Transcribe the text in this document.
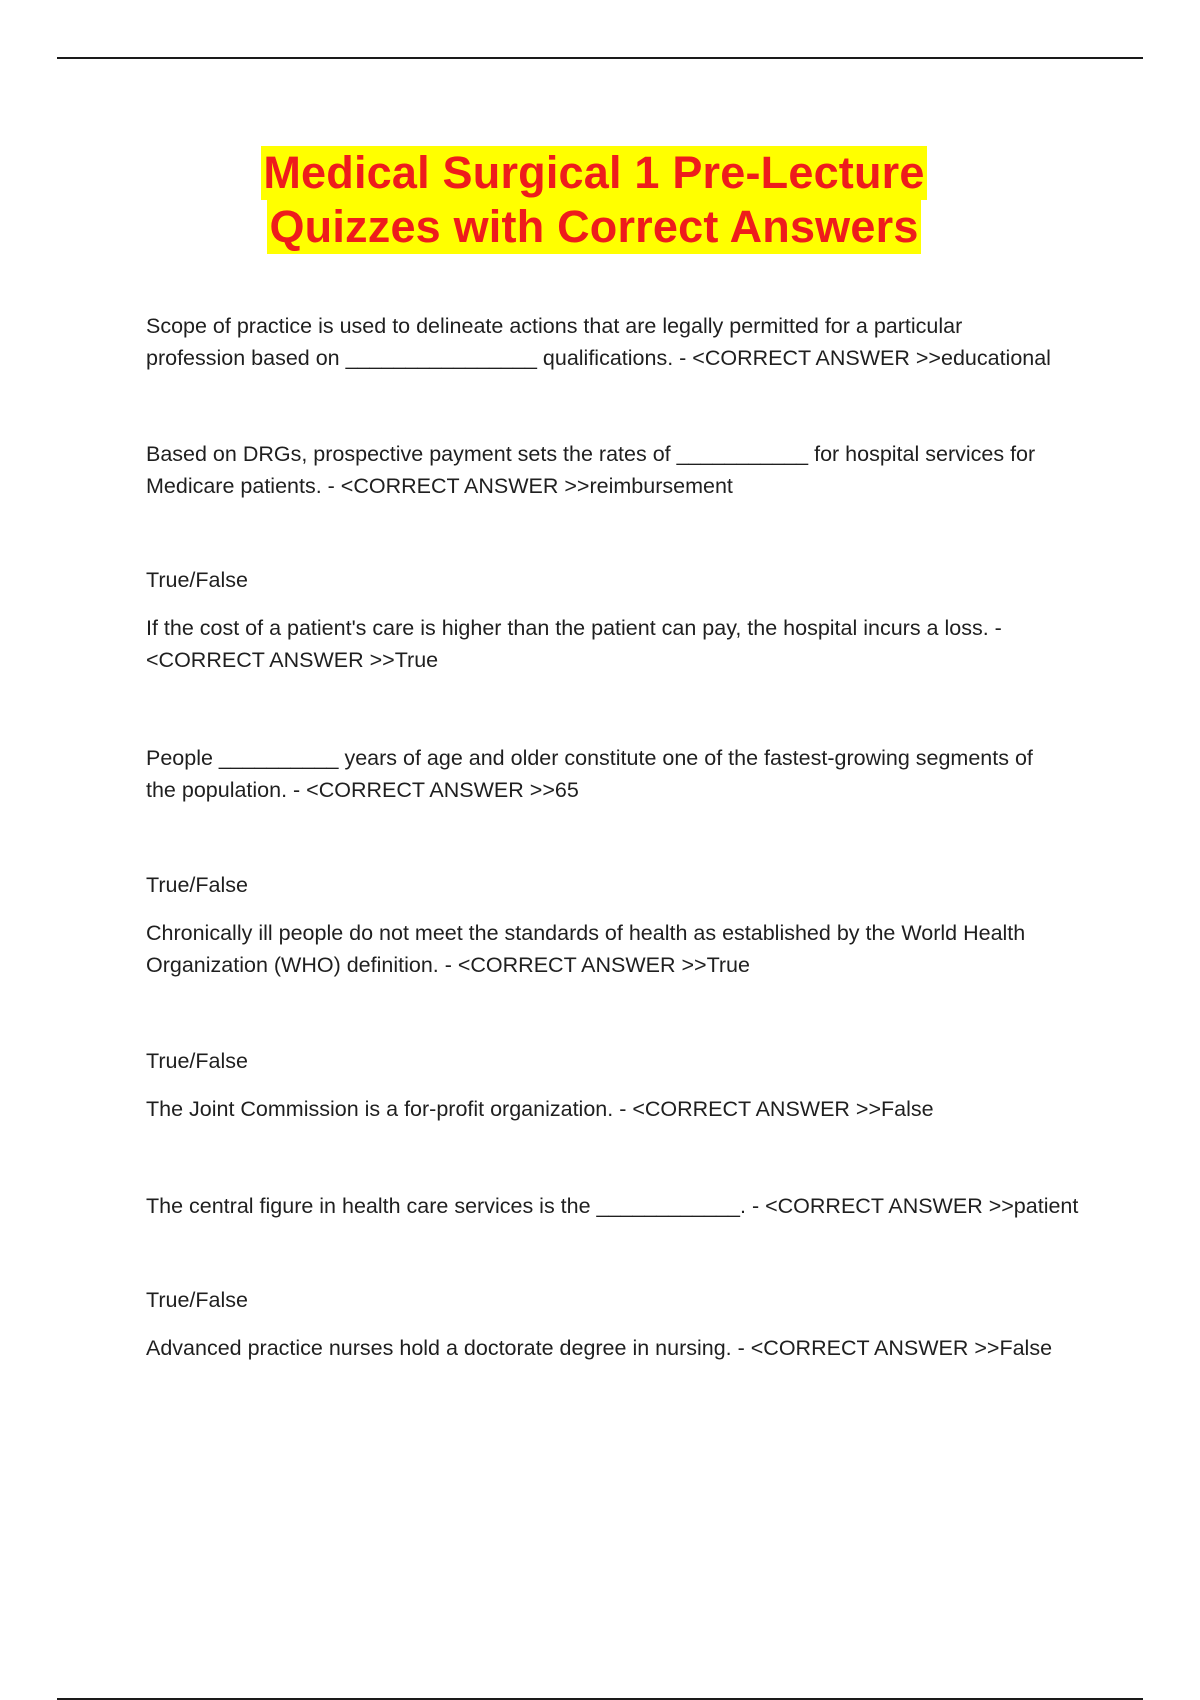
Medical Surgical 1 Pre-Lecture
Quizzes with Correct Answers

Scope of practice is used to delineate actions that are legally permitted for a particular

profession based on ________________ qualifications. - <CORRECT ANSWER >>educational

Based on DRGs, prospective payment sets the rates of ___________ for hospital services for

Medicare patients. - <CORRECT ANSWER >>reimbursement

True/False

If the cost of a patient's care is higher than the patient can pay, the hospital incurs a loss. -

<CORRECT ANSWER >>True

People __________ years of age and older constitute one of the fastest-growing segments of

the population. - <CORRECT ANSWER >>65

True/False

Chronically ill people do not meet the standards of health as established by the World Health

Organization (WHO) definition. - <CORRECT ANSWER >>True

True/False

The Joint Commission is a for-profit organization. - <CORRECT ANSWER >>False

The central figure in health care services is the ____________. - <CORRECT ANSWER >>patient

True/False

Advanced practice nurses hold a doctorate degree in nursing. - <CORRECT ANSWER >>False
